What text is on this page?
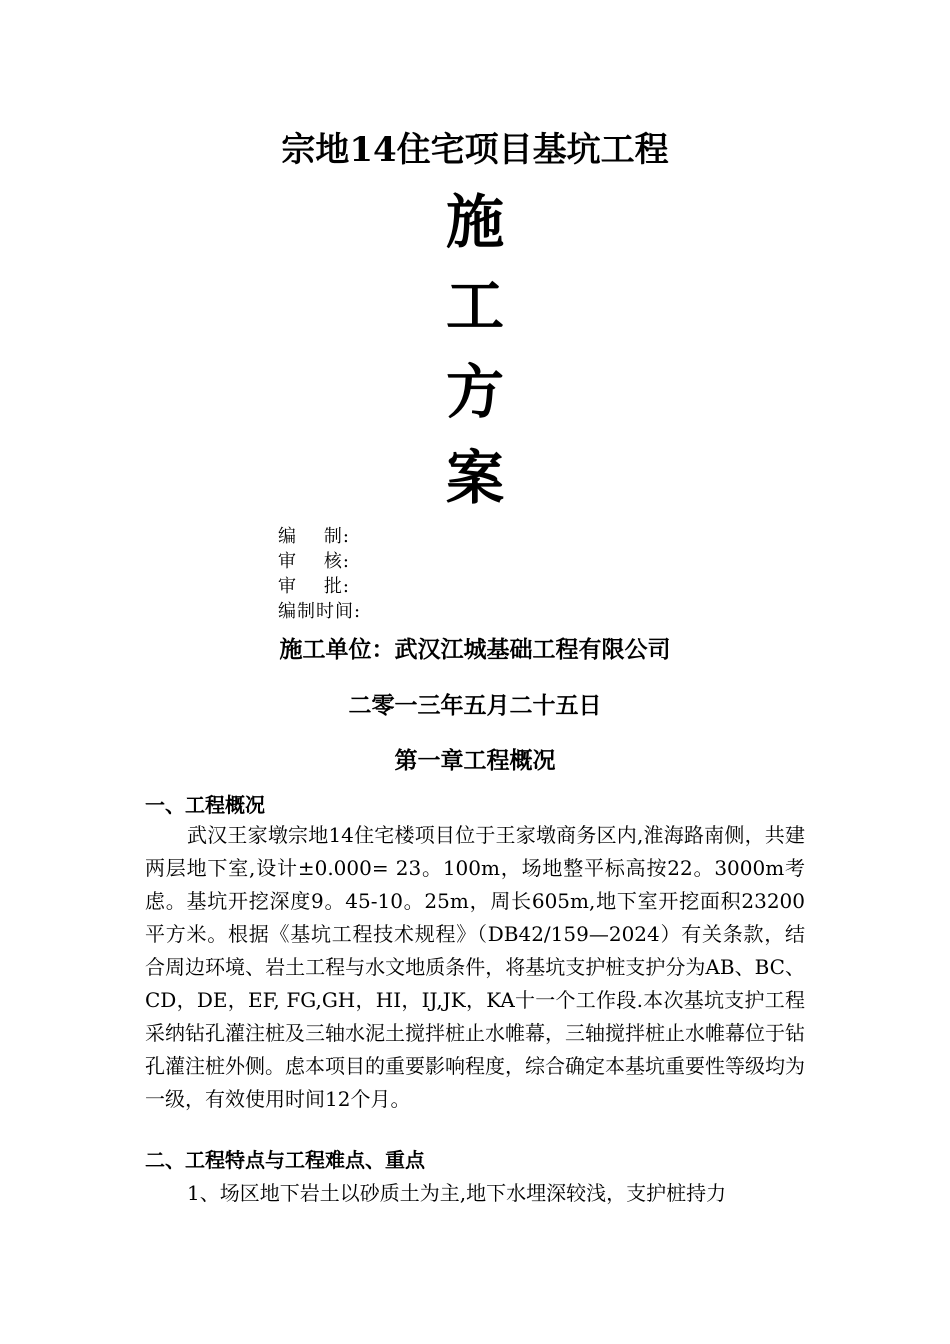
宗地14住宅项目基坑工程
施
工
方
案
编    制:
审    核:
审    批:
编制时间:
施工单位：武汉江城基础工程有限公司
二零一三年五月二十五日
第一章工程概况
一、工程概况
武汉王家墩宗地14住宅楼项目位于王家墩商务区内,淮海路南侧，共建两层地下室,设计±0.000= 23。100m，场地整平标高按22。3000m考虑。基坑开挖深度9。45-10。25m，周长605m,地下室开挖面积23200平方米。根据《基坑工程技术规程》（DB42/159—2024）有关条款，结合周边环境、岩土工程与水文地质条件，将基坑支护桩支护分为AB、BC、CD，DE，EF, FG,GH，HI，IJ,JK，KA十一个工作段.本次基坑支护工程采纳钻孔灌注桩及三轴水泥土搅拌桩止水帷幕，三轴搅拌桩止水帷幕位于钻孔灌注桩外侧。虑本项目的重要影响程度，综合确定本基坑重要性等级均为一级，有效使用时间12个月。
二、工程特点与工程难点、重点
1、场区地下岩土以砂质土为主,地下水埋深较浅，支护桩持力
